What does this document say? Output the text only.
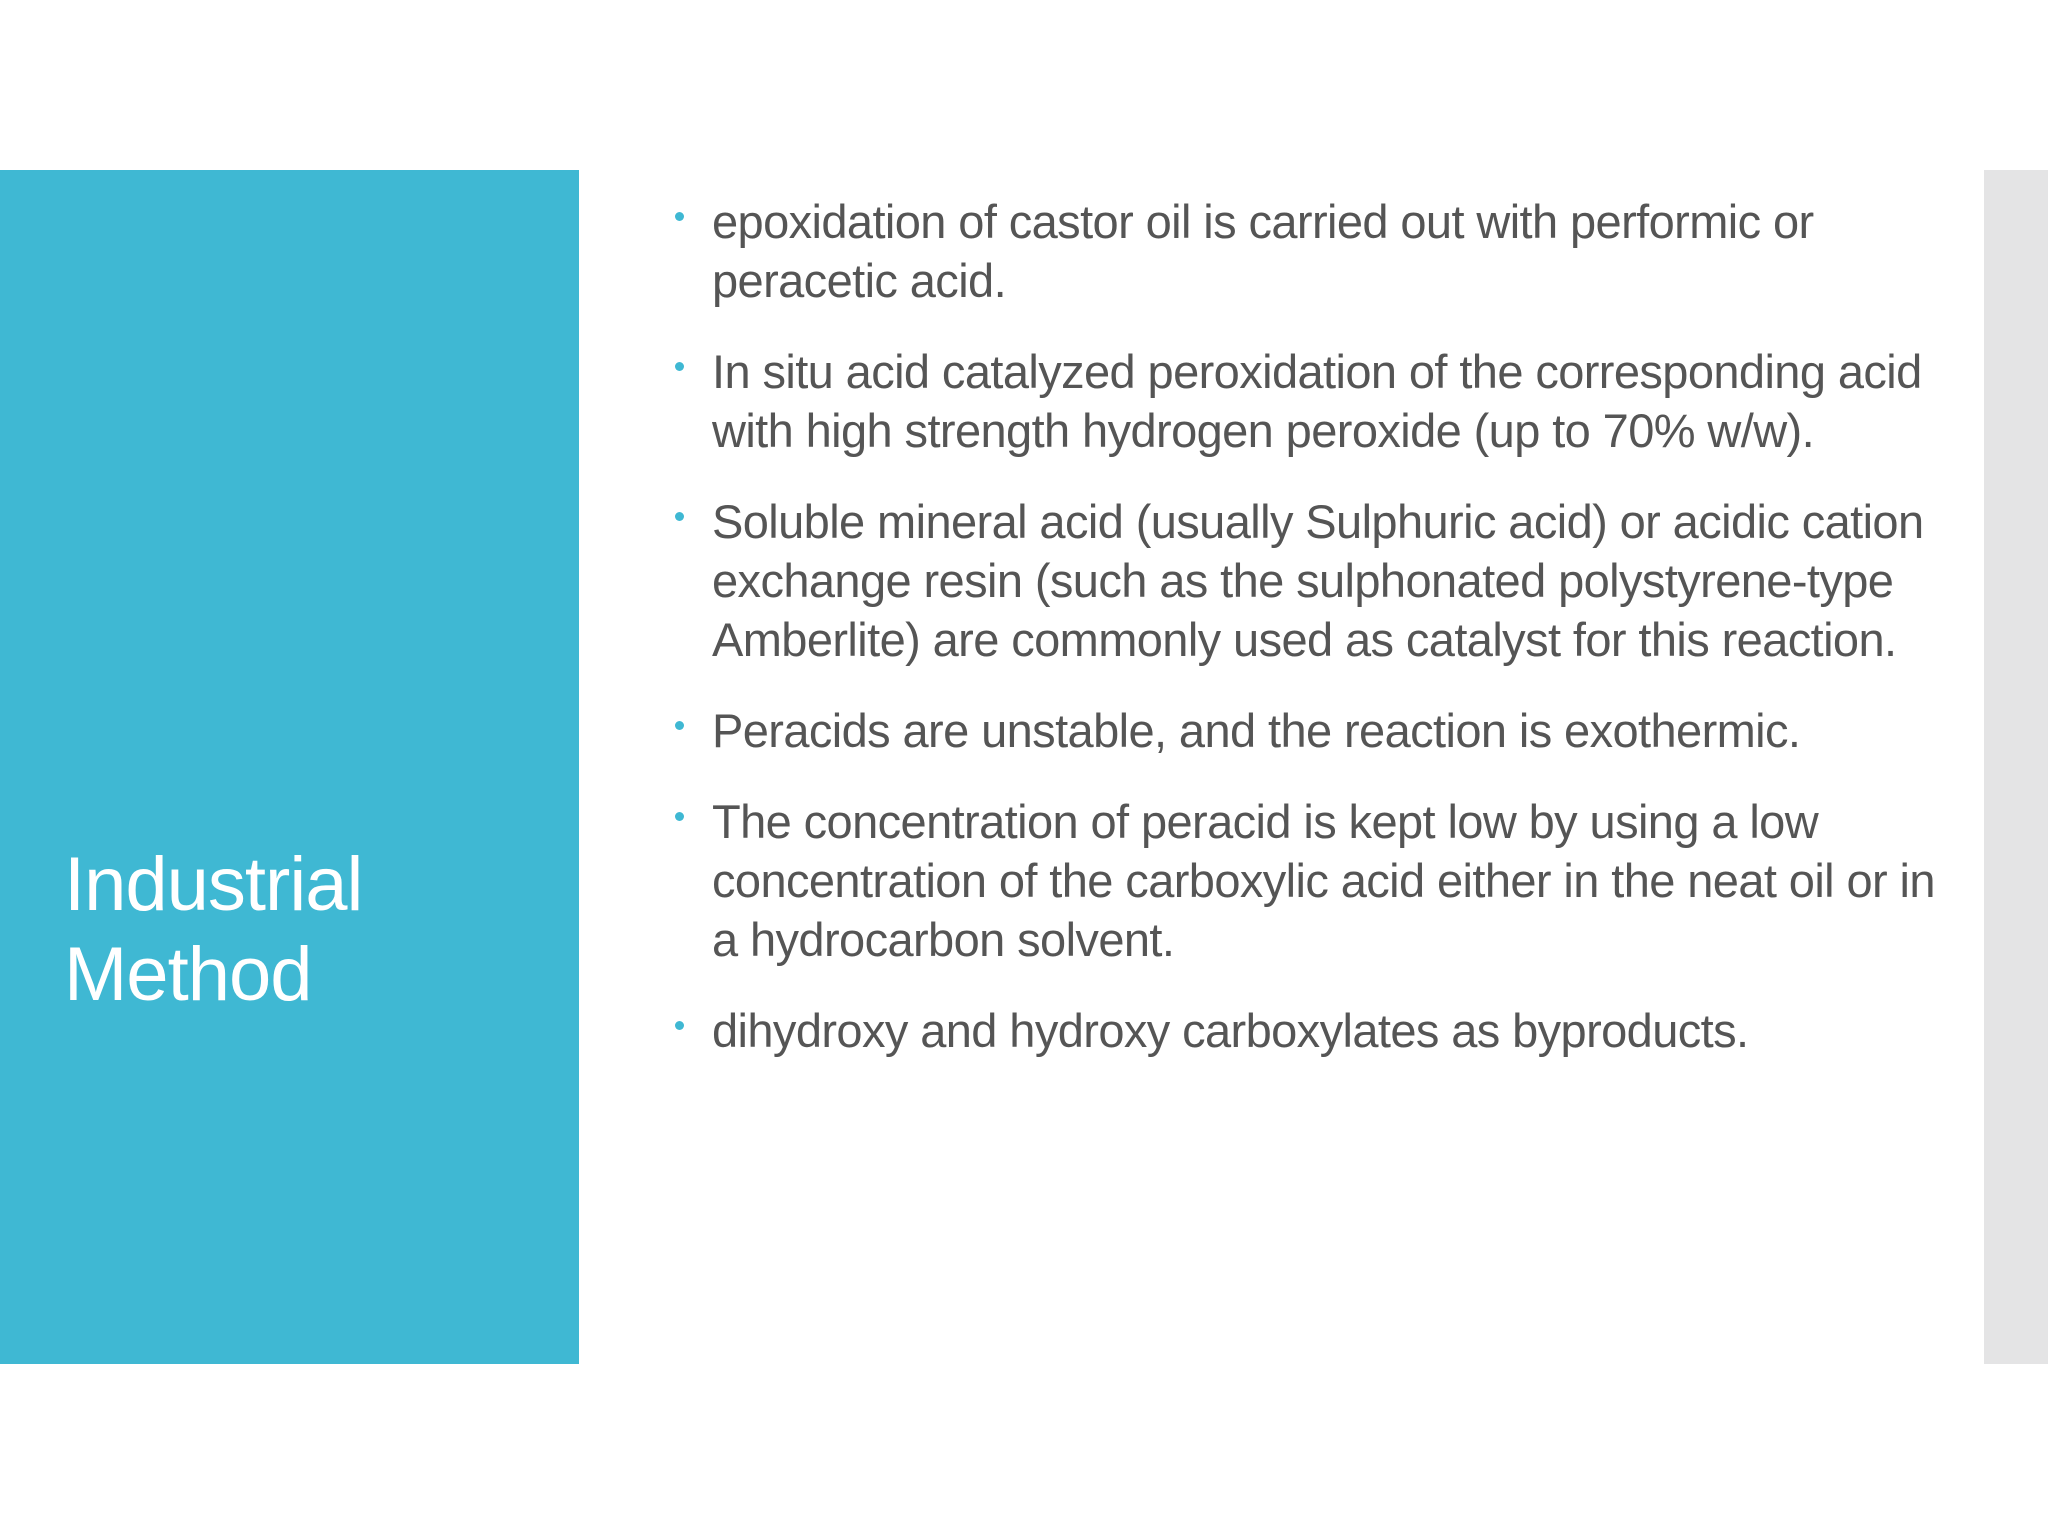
Industrial Method
epoxidation of castor oil is carried out with performic or peracetic acid.
In situ acid catalyzed peroxidation of the corresponding acid with high strength hydrogen peroxide (up to 70% w/w).
Soluble mineral acid (usually Sulphuric acid) or acidic cation exchange resin (such as the sulphonated polystyrene-type Amberlite) are commonly used as catalyst for this reaction.
Peracids are unstable, and the reaction is exothermic.
The concentration of peracid is kept low by using a low concentration of the carboxylic acid either in the neat oil or in a hydrocarbon solvent.
dihydroxy and hydroxy carboxylates as byproducts.
